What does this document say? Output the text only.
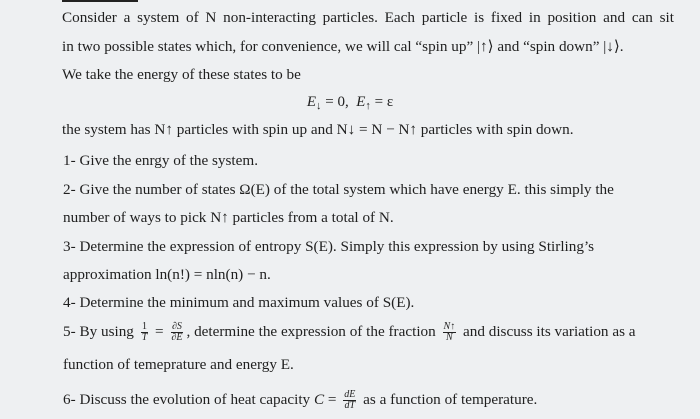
Consider a system of N non-interacting particles. Each particle is fixed in position and can sit
in two possible states which, for convenience, we will cal “spin up” |↑⟩ and “spin down” |↓⟩.
We take the energy of these states to be
$E_↓ = 0$, $E_↑ = \varepsilon$
the system has N↑ particles with spin up and N↓ = N − N↑ particles with spin down.
1- Give the enrgy of the system.
2- Give the number of states Ω(E) of the total system which have energy E. this simply the
number of ways to pick N↑ particles from a total of N.
3- Determine the expression of entropy S(E). Simply this expression by using Stirling’s
approximation ln(n!) = nln(n) − n.
4- Determine the minimum and maximum values of S(E).
5- By using $\frac{1}{T} = \frac{\partial S}{\partial E}$ , determine the expression of the fraction $\frac{N↑}{N}$ and discuss its variation as a
function of temeprature and energy E.
6- Discuss the evolution of heat capacity $C = \frac{dE}{dT}$ as a function of temperature.
